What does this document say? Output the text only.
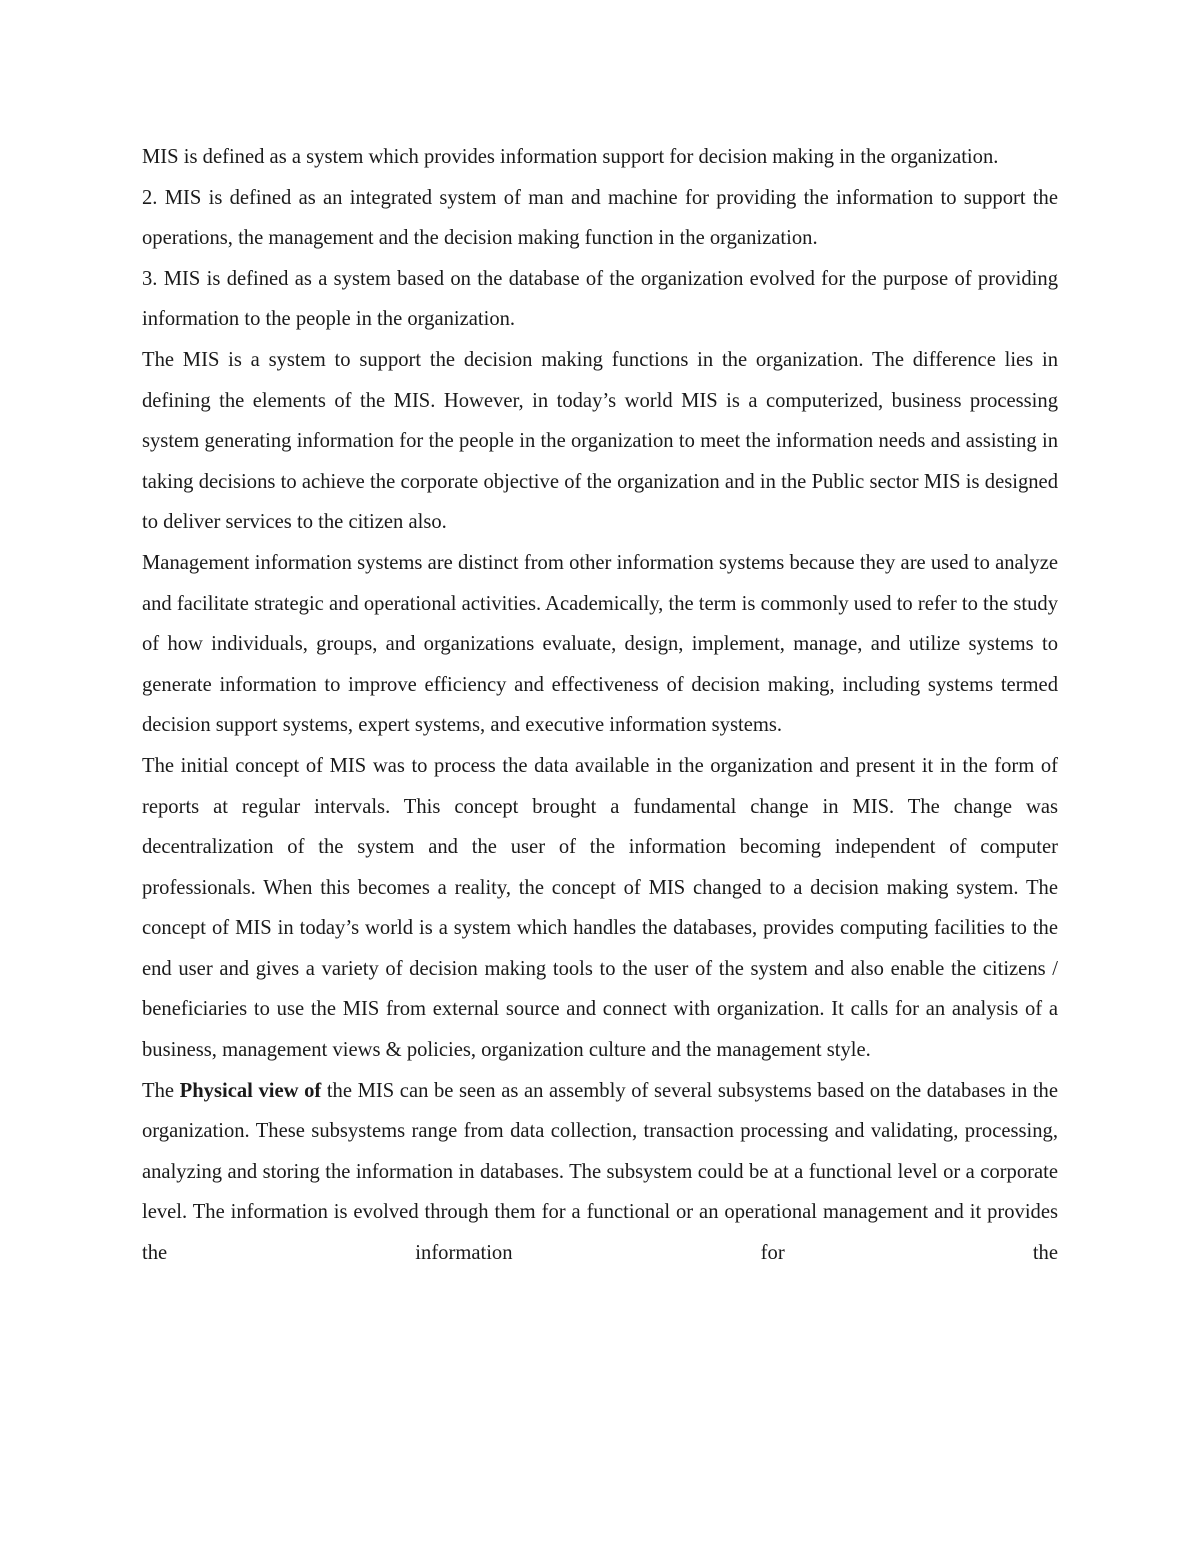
MIS is defined as a system which provides information support for decision making in the organization.

2. MIS is defined as an integrated system of man and machine for providing the information to support the operations, the management and the decision making function in the organization.

3. MIS is defined as a system based on the database of the organization evolved for the purpose of providing information to the people in the organization.

The MIS is a system to support the decision making functions in the organization. The difference lies in defining the elements of the MIS. However, in today’s world MIS is a computerized, business processing system generating information for the people in the organization to meet the information needs and assisting in taking decisions to achieve the corporate objective of the organization and in the Public sector MIS is designed to deliver services to the citizen also.

Management information systems are distinct from other information systems because they are used to analyze and facilitate strategic and operational activities. Academically, the term is commonly used to refer to the study of how individuals, groups, and organizations evaluate, design, implement, manage, and utilize systems to generate information to improve efficiency and effectiveness of decision making, including systems termed decision support systems, expert systems, and executive information systems.

The initial concept of MIS was to process the data available in the organization and present it in the form of reports at regular intervals. This concept brought a fundamental change in MIS. The change was decentralization of the system and the user of the information becoming independent of computer professionals. When this becomes a reality, the concept of MIS changed to a decision making system. The concept of MIS in today’s world is a system which handles the databases, provides computing facilities to the end user and gives a variety of decision making tools to the user of the system and also enable the citizens / beneficiaries to use the MIS from external source and connect with organization. It calls for an analysis of a business, management views & policies, organization culture and the management style.

The Physical view of the MIS can be seen as an assembly of several subsystems based on the databases in the organization. These subsystems range from data collection, transaction processing and validating, processing, analyzing and storing the information in databases. The subsystem could be at a functional level or a corporate level. The information is evolved through them for a functional or an operational management and it provides the information for the
